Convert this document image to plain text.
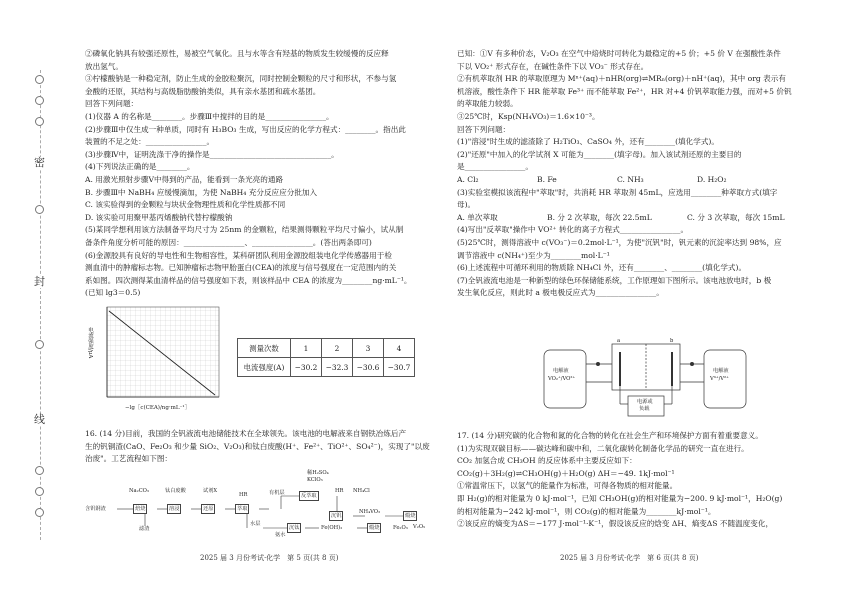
密
封
线

②磷氧化钠具有较强还原性，易被空气氧化。且与水等含有羟基的物质发生较缓慢的反应释

放出氢气。

③柠檬酸钠是一种稳定剂，防止生成的金胶粒聚沉，同时控制金颗粒的尺寸和形状，不参与氢

金酸的还原，其结构与高级脂肪酸钠类似，具有亲水基团和疏水基团。

回答下列问题：

(1)仪器 A 的名称是________。步骤Ⅲ中搅拌的目的是________________。

(2)步骤Ⅲ中仅生成一种单质，同时有 H₃BO₃ 生成，写出反应的化学方程式：________。指出此

装置的不足之处：________________。

(3)步骤Ⅳ中，证明洗涤干净的操作是________________________________。

(4)下列说法正确的是________。

A. 用激光照射步骤Ⅴ中得到的产品，能看到一条光亮的通路

B. 步骤Ⅲ中 NaBH₄ 应缓慢滴加，为使 NaBH₄ 充分反应应分批加入

C. 该实验得到的金颗粒与块状金物理性质和化学性质都不同

D. 该实验可用聚甲基丙烯酸钠代替柠檬酸钠

(5)某同学想利用该方法制备平均尺寸为 25nm 的金颗粒，结果测得颗粒平均尺寸偏小，试从制

备条件角度分析可能的原因：________________、________________。(答出两条即可)

(6)金源胶具有良好的导电性和生物相容性，某科研团队利用金源胶组装电化学传感器用于检

测血清中的肿瘤标志物。已知肿瘤标志物甲胎蛋白(CEA)的浓度与信号强度在一定范围内的关

系如图。四次测得某血清样品的信号强度如下表，则该样品中 CEA 的浓度为________ng·mL⁻¹。

(已知 lg3＝0.5)

电流强度/μA
−lg［c(CEA)/ng·mL⁻¹］
测量次数	1	2	3	4
电流强度(A)	−30.2	−32.3	−30.6	−30.7

16. (14 分)目前，我国的全钒液流电池储能技术在全球领先。该电池的电解液来自钢铁冶炼后产

生的钒铜渣(CaO、Fe₂O₃ 和少量 SiO₂、V₂O₃)和钛白废酸(H⁺、Fe²⁺、TiO²⁺、SO₄²⁻)，实现了"以废

治废"。工艺流程如下图：

含钒钢渣	焙烧	溶浸	还原	萃取
反萃取
沉钒	煅烧
沉钛	煅烧
Na₂CO₃	钛白废酸	试剂X
滤渣
HR	有机层
稀H₂SO₄
KClO₃
HR NH₄Cl
NH₄VO₃
V₂O₅
水层
氨水
Fe(OH)₂	Fe₂O₃
2025 届 3 月份考试·化学　第 5 页(共 8 页)

已知：①V 有多种价态，V₂O₃ 在空气中焙烧时可转化为最稳定的+5 价；+5 价 V 在强酸性条件

下以 VO₂⁺ 形式存在，在碱性条件下以 VO₃⁻ 形式存在。

②有机萃取剂 HR 的萃取原理为 Mⁿ⁺(aq)＋nHR(org)⇌MRₙ(org)＋nH⁺(aq)，其中 org 表示有

机溶液，酸性条件下 HR 能萃取 Fe³⁺ 而不能萃取 Fe²⁺，HR 对+4 价钒萃取能力强，而对+5 价钒

的萃取能力较弱。

③25℃时，Ksp(NH₄VO₃)＝1.6×10⁻³。

回答下列问题：

(1)"溶浸"时生成的滤渣除了 H₂TiO₃、CaSO₄ 外，还有________(填化学式)。

(2)"还原"中加入的化学试剂 X 可能为________(填字母)。加入该试剂还原的主要目的

是________________。

A. Cl₂	B. Fe	C. NH₃	D. H₂O₂

(3)实验室模拟该流程中"萃取"时，共消耗 HR 萃取剂 45mL，应选用________种萃取方式(填字

母)。

A. 单次萃取	B. 分 2 次萃取，每次 22.5mL	C. 分 3 次萃取，每次 15mL

(4)写出"反萃取"操作中 VO²⁺ 转化的离子方程式________________。

(5)25℃时，测得溶液中 c(VO₃⁻)＝0.2mol·L⁻¹，为使"沉钒"时，钒元素的沉淀率达到 98%，应

调节溶液中 c(NH₄⁺)至少为________mol·L⁻¹

(6)上述流程中可循环利用的物质除 NH₄Cl 外，还有________、________(填化学式)。

(7)全钒液流电池是一种新型的绿色环保储能系统，工作原理如下图所示。该电池放电时，b 极

发生氧化反应，则此时 a 极电极反应式为________________。

电解液
VO₂⁺/VO²⁺
电解液
V³⁺/V²⁺
电源或
负载
a	b

17. (14 分)研究碳的化合物和氮的化合物的转化在社会生产和环境保护方面有着重要意义。

(1)为实现双碳目标——碳达峰和碳中和，二氧化碳转化制备化学品的研究一直在进行。

CO₂ 加氢合成 CH₃OH 的反应体系中主要反应如下：

CO₂(g)＋3H₂(g)⇌CH₃OH(g)＋H₂O(g) ΔH＝−49. 1kJ·mol⁻¹

①常温常压下，以氢气的能量作为标准，可得各物质的相对能量。

即 H₂(g)的相对能量为 0 kJ·mol⁻¹，已知 CH₃OH(g)的相对能量为−200. 9 kJ·mol⁻¹，H₂O(g)

的相对能量为−242 kJ·mol⁻¹，则 CO₂(g)的相对能量为________kJ·mol⁻¹。

②该反应的熵变为ΔS＝−177 J·mol⁻¹·K⁻¹，假设该反应的焓变 ΔH、熵变ΔS 不随温度变化，

2025 届 3 月份考试·化学　第 6 页(共 8 页)
